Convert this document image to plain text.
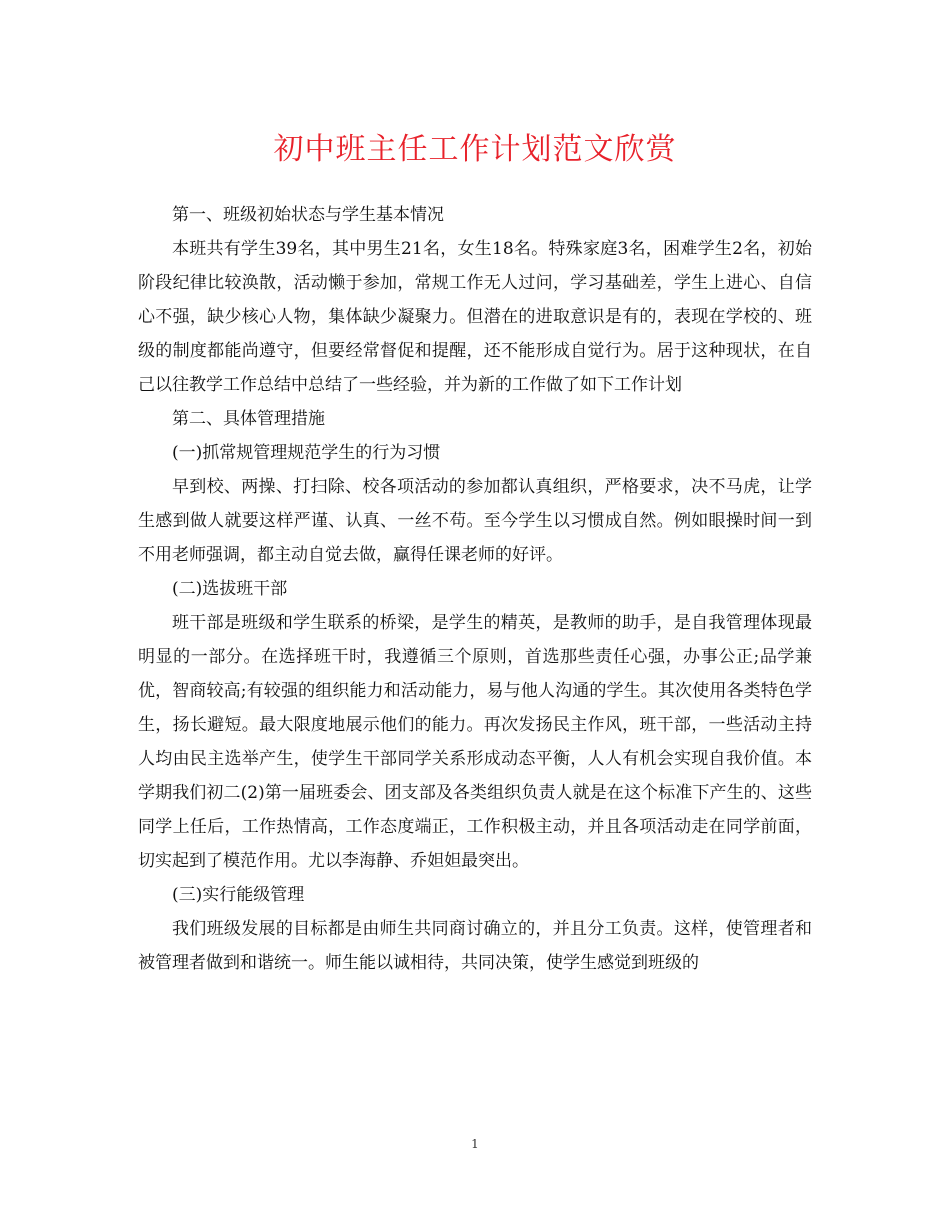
初中班主任工作计划范文欣赏

第一、班级初始状态与学生基本情况

本班共有学生39名，其中男生21名，女生18名。特殊家庭3名，困难学生2名，初始阶段纪律比较涣散，活动懒于参加，常规工作无人过问，学习基础差，学生上进心、自信心不强，缺少核心人物，集体缺少凝聚力。但潜在的进取意识是有的，表现在学校的、班级的制度都能尚遵守，但要经常督促和提醒，还不能形成自觉行为。居于这种现状，在自己以往教学工作总结中总结了一些经验，并为新的工作做了如下工作计划

第二、具体管理措施

(一)抓常规管理规范学生的行为习惯

早到校、两操、打扫除、校各项活动的参加都认真组织，严格要求，决不马虎，让学生感到做人就要这样严谨、认真、一丝不苟。至今学生以习惯成自然。例如眼操时间一到不用老师强调，都主动自觉去做，赢得任课老师的好评。

(二)选拔班干部

班干部是班级和学生联系的桥梁，是学生的精英，是教师的助手，是自我管理体现最明显的一部分。在选择班干时，我遵循三个原则，首选那些责任心强，办事公正;品学兼优，智商较高;有较强的组织能力和活动能力，易与他人沟通的学生。其次使用各类特色学生，扬长避短。最大限度地展示他们的能力。再次发扬民主作风，班干部，一些活动主持人均由民主选举产生，使学生干部同学关系形成动态平衡，人人有机会实现自我价值。本学期我们初二(2)第一届班委会、团支部及各类组织负责人就是在这个标准下产生的、这些同学上任后，工作热情高，工作态度端正，工作积极主动，并且各项活动走在同学前面，切实起到了模范作用。尤以李海静、乔妲妲最突出。

(三)实行能级管理

我们班级发展的目标都是由师生共同商讨确立的，并且分工负责。这样，使管理者和被管理者做到和谐统一。师生能以诚相待，共同决策，使学生感觉到班级的

1
